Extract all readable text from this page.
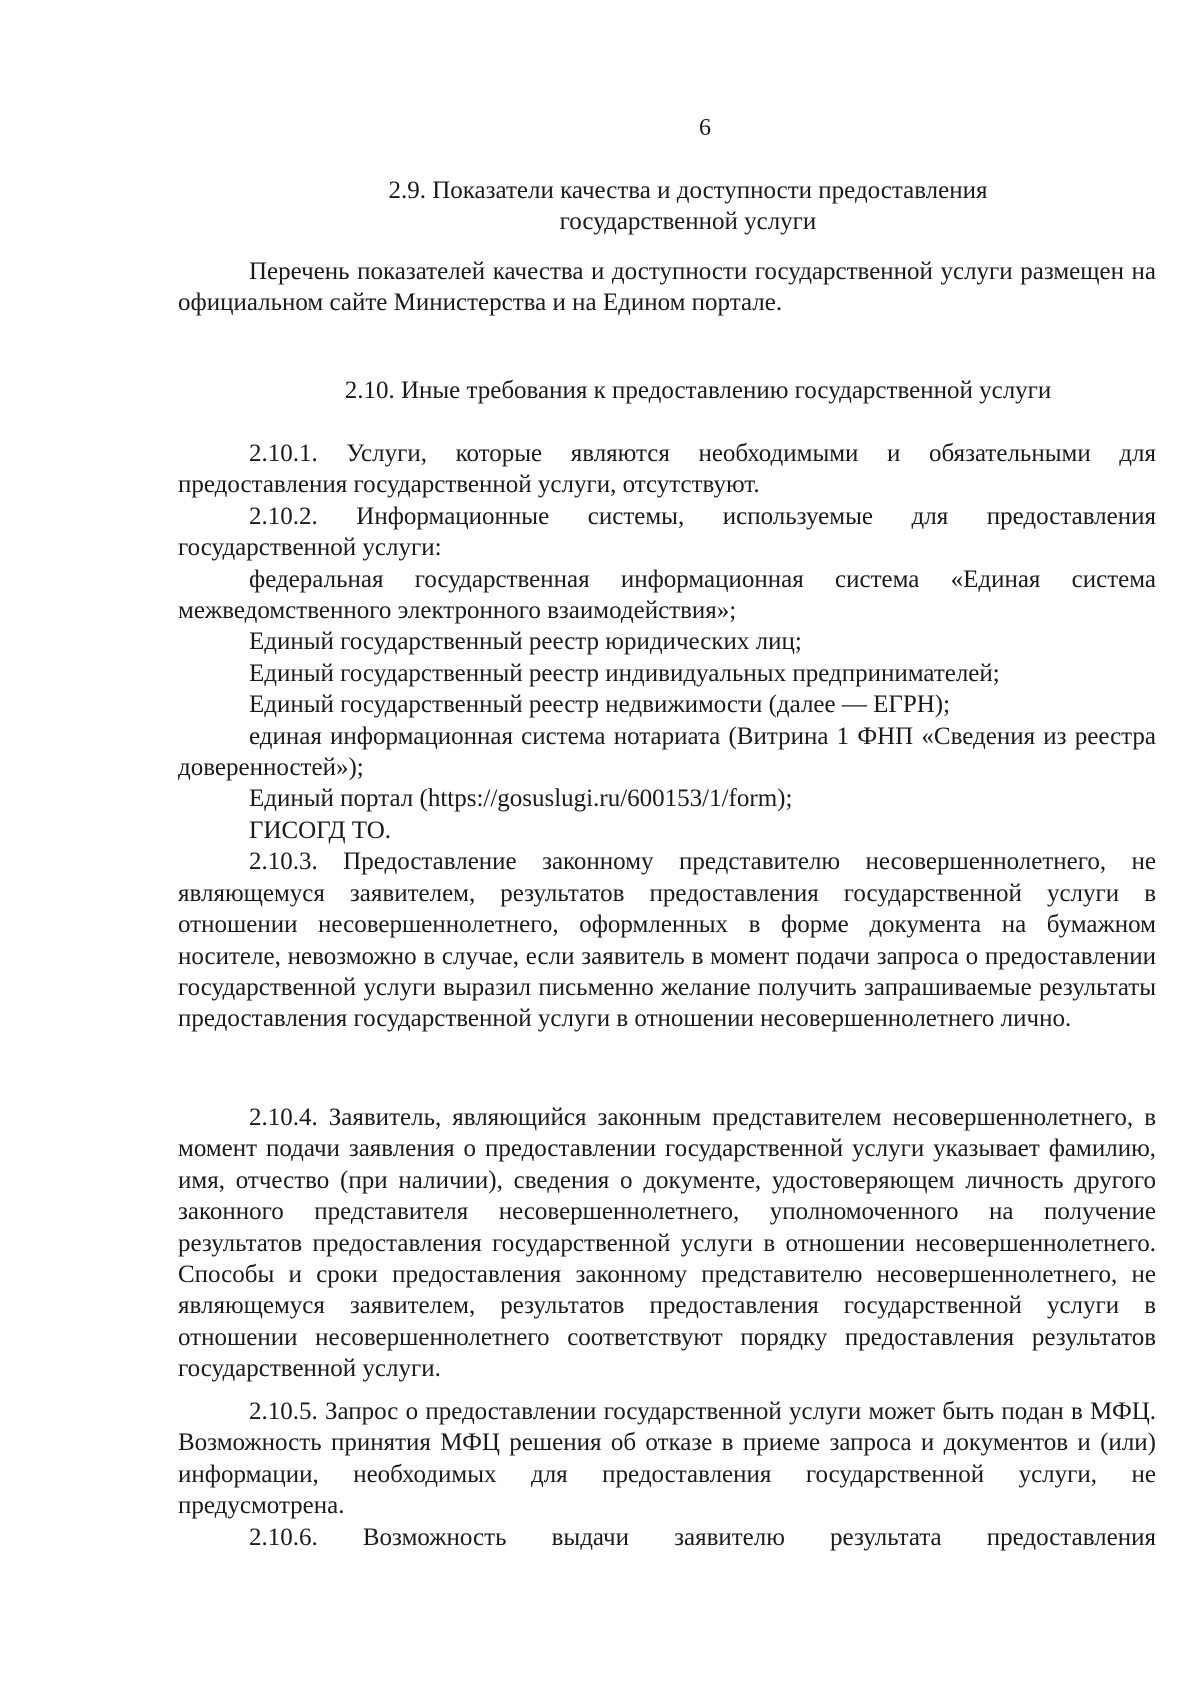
6
2.9. Показатели качества и доступности предоставления
государственной услуги

Перечень показателей качества и доступности государственной услуги размещен на официальном сайте Министерства и на Едином портале.

2.10. Иные требования к предоставлению государственной услуги

2.10.1. Услуги, которые являются необходимыми и обязательными для предоставления государственной услуги, отсутствуют.

2.10.2. Информационные системы, используемые для предоставления государственной услуги:

федеральная государственная информационная система «Единая система межведомственного электронного взаимодействия»;

Единый государственный реестр юридических лиц;

Единый государственный реестр индивидуальных предпринимателей;

Единый государственный реестр недвижимости (далее — ЕГРН);

единая информационная система нотариата (Витрина 1 ФНП «Сведения из реестра доверенностей»);

Единый портал (https://gosuslugi.ru/600153/1/form);

ГИСОГД ТО.

2.10.3. Предоставление законному представителю несовершеннолетнего, не являющемуся заявителем, результатов предоставления государственной услуги в отношении несовершеннолетнего, оформленных в форме документа на бумажном носителе, невозможно в случае, если заявитель в момент подачи запроса о предоставлении государственной услуги выразил письменно желание получить запрашиваемые результаты предоставления государственной услуги в отношении несовершеннолетнего лично.

2.10.4. Заявитель, являющийся законным представителем несовершеннолетнего, в момент подачи заявления о предоставлении государственной услуги указывает фамилию, имя, отчество (при наличии), сведения о документе, удостоверяющем личность другого законного представителя несовершеннолетнего, уполномоченного на получение результатов предоставления государственной услуги в отношении несовершеннолетнего. Способы и сроки предоставления законному представителю несовершеннолетнего, не являющемуся заявителем, результатов предоставления государственной услуги в отношении несовершеннолетнего соответствуют порядку предоставления результатов государственной услуги.

2.10.5. Запрос о предоставлении государственной услуги может быть подан в МФЦ. Возможность принятия МФЦ решения об отказе в приеме запроса и документов и (или) информации, необходимых для предоставления государственной услуги, не предусмотрена.

2.10.6. Возможность выдачи заявителю результата предоставления
